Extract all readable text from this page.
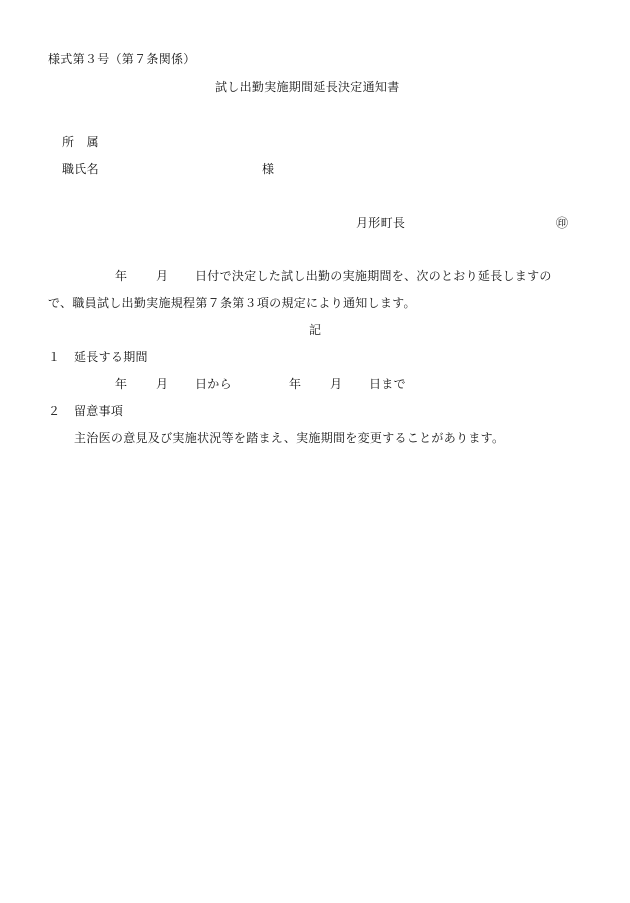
様式第３号（第７条関係）
試し出勤実施期間延長決定通知書
所　属
職氏名	様
月形町長	㊞
年 月 日付で決定した試し出勤の実施期間を、次のとおり延長しますの
で、職員試し出勤実施規程第７条第３項の規定により通知します。
記
１ 延長する期間
年 月 日から	年 月 日まで
２ 留意事項
主治医の意見及び実施状況等を踏まえ、実施期間を変更することがあります。
